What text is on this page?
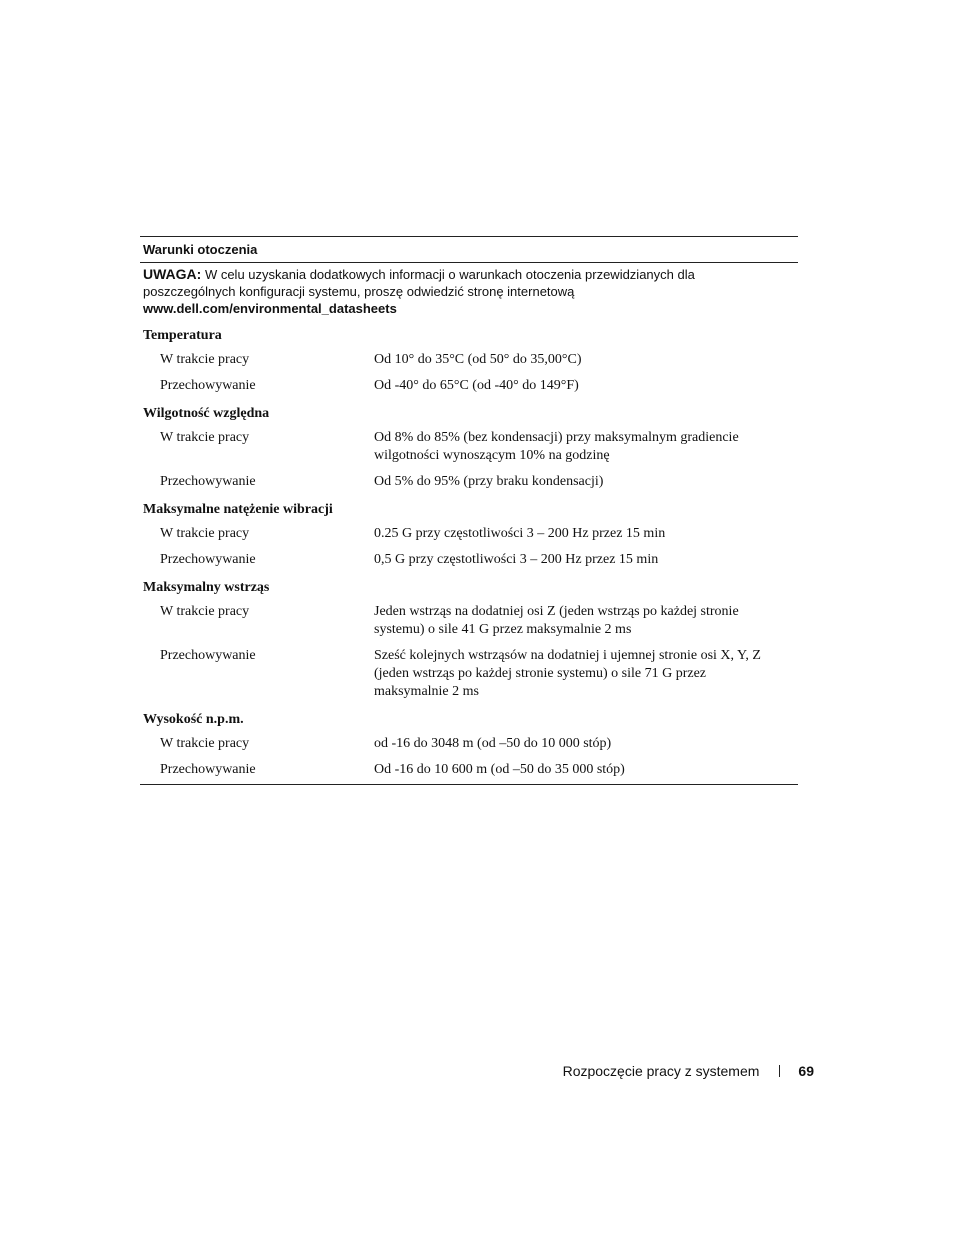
Warunki otoczenia
UWAGA: W celu uzyskania dodatkowych informacji o warunkach otoczenia przewidzianych dla poszczególnych konfiguracji systemu, proszę odwiedzić stronę internetową
www.dell.com/environmental_datasheets
Temperatura
W trakcie pracy	Od 10° do 35°C (od 50° do 35,00°C)
Przechowywanie	Od -40° do 65°C (od -40° do 149°F)
Wilgotność względna
W trakcie pracy	Od 8% do 85% (bez kondensacji) przy maksymalnym gradiencie wilgotności wynoszącym 10% na godzinę
Przechowywanie	Od 5% do 95% (przy braku kondensacji)
Maksymalne natężenie wibracji
W trakcie pracy	0.25 G przy częstotliwości 3 – 200 Hz przez 15 min
Przechowywanie	0,5 G przy częstotliwości 3 – 200 Hz przez 15 min
Maksymalny wstrząs
W trakcie pracy	Jeden wstrząs na dodatniej osi Z (jeden wstrząs po każdej stronie systemu) o sile 41 G przez maksymalnie 2 ms
Przechowywanie	Sześć kolejnych wstrząsów na dodatniej i ujemnej stronie osi X, Y, Z (jeden wstrząs po każdej stronie systemu) o sile 71 G przez maksymalnie 2 ms
Wysokość n.p.m.
W trakcie pracy	od -16 do 3048 m (od –50 do 10 000 stóp)
Przechowywanie	Od -16 do 10 600 m (od –50 do 35 000 stóp)
Rozpoczęcie pracy z systemem	69
